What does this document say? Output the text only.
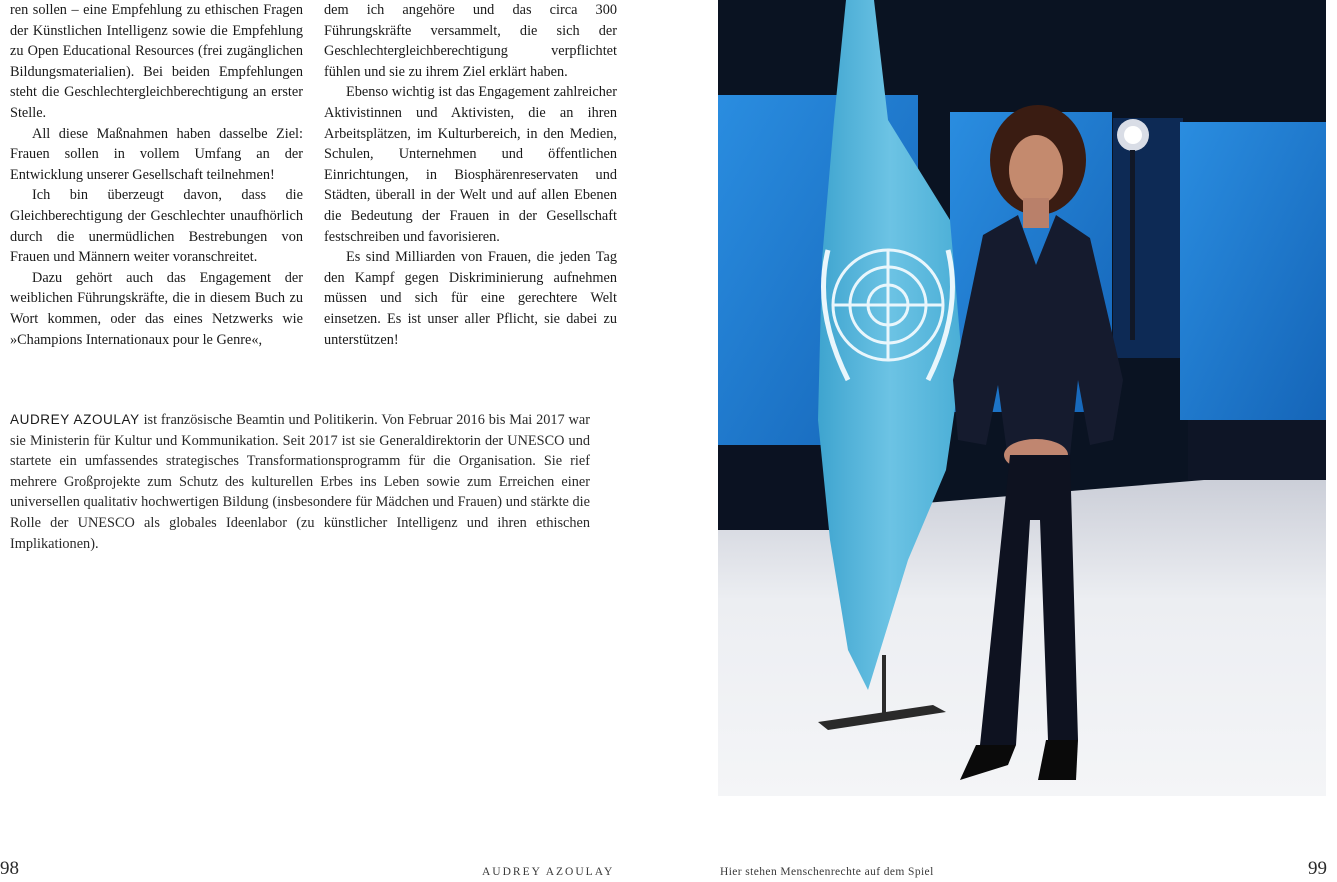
ren sollen – eine Empfehlung zu ethischen Fragen der Künstlichen Intelligenz sowie die Empfehlung zu Open Educational Resources (frei zugänglichen Bildungsmaterialien). Bei beiden Empfehlungen steht die Geschlechtergleichberechtigung an erster Stelle.

All diese Maßnahmen haben dasselbe Ziel: Frauen sollen in vollem Umfang an der Entwicklung unserer Gesellschaft teilnehmen!

Ich bin überzeugt davon, dass die Gleichberechtigung der Geschlechter unaufhörlich durch die unermüdlichen Bestrebungen von Frauen und Männern weiter voranschreitet.

Dazu gehört auch das Engagement der weiblichen Führungskräfte, die in diesem Buch zu Wort kommen, oder das eines Netzwerks wie »Champions Internationaux pour le Genre«,

dem ich angehöre und das circa 300 Führungskräfte versammelt, die sich der Geschlechtergleichberechtigung verpflichtet fühlen und sie zu ihrem Ziel erklärt haben.

Ebenso wichtig ist das Engagement zahlreicher Aktivistinnen und Aktivisten, die an ihren Arbeitsplätzen, im Kulturbereich, in den Medien, Schulen, Unternehmen und öffentlichen Einrichtungen, in Biosphärenreservaten und Städten, überall in der Welt und auf allen Ebenen die Bedeutung der Frauen in der Gesellschaft festschreiben und favorisieren.

Es sind Milliarden von Frauen, die jeden Tag den Kampf gegen Diskriminierung aufnehmen müssen und sich für eine gerechtere Welt einsetzen. Es ist unser aller Pflicht, sie dabei zu unterstützen!

AUDREY AZOULAY ist französische Beamtin und Politikerin. Von Februar 2016 bis Mai 2017 war sie Ministerin für Kultur und Kommunikation. Seit 2017 ist sie Generaldirektorin der UNESCO und startete ein umfassendes strategisches Transformationsprogramm für die Organisation. Sie rief mehrere Großprojekte zum Schutz des kulturellen Erbes ins Leben sowie zum Erreichen einer universellen qualitativ hochwertigen Bildung (insbesondere für Mädchen und Frauen) und stärkte die Rolle der UNESCO als globales Ideenlabor (zu künstlicher Intelligenz und ihren ethischen Implikationen).
98	AUDREY AZOULAY	Hier stehen Menschenrechte auf dem Spiel	99
